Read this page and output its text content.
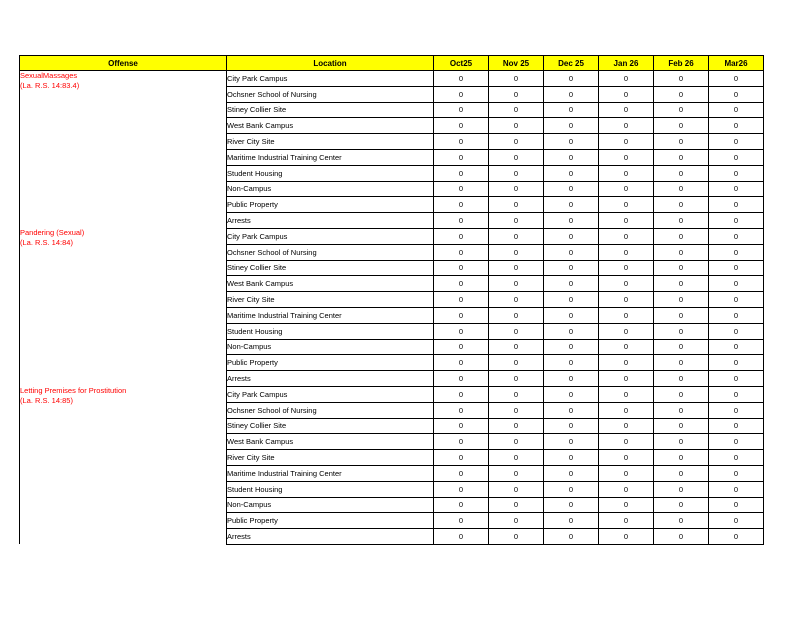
Offense	Location	Oct25	Nov 25	Dec 25	Jan 26	Feb 26	Mar26

SexualMassages
(La. R.S. 14:83.4)	City Park Campus	0	0	0	0	0	0
	Ochsner School of Nursing	0	0	0	0	0	0
	Stiney Collier Site	0	0	0	0	0	0
	West Bank Campus	0	0	0	0	0	0
	River City Site	0	0	0	0	0	0
	Maritime Industrial Training Center	0	0	0	0	0	0
	Student Housing	0	0	0	0	0	0
	Non-Campus	0	0	0	0	0	0
	Public Property	0	0	0	0	0	0
	Arrests	0	0	0	0	0	0

Pandering (Sexual)
(La. R.S. 14:84)	City Park Campus	0	0	0	0	0	0
	Ochsner School of Nursing	0	0	0	0	0	0
	Stiney Collier Site	0	0	0	0	0	0
	West Bank Campus	0	0	0	0	0	0
	River City Site	0	0	0	0	0	0
	Maritime Industrial Training Center	0	0	0	0	0	0
	Student Housing	0	0	0	0	0	0
	Non-Campus	0	0	0	0	0	0
	Public Property	0	0	0	0	0	0
	Arrests	0	0	0	0	0	0

Letting Premises for Prostitution
(La. R.S. 14:85)	City Park Campus	0	0	0	0	0	0
	Ochsner School of Nursing	0	0	0	0	0	0
	Stiney Collier Site	0	0	0	0	0	0
	West Bank Campus	0	0	0	0	0	0
	River City Site	0	0	0	0	0	0
	Maritime Industrial Training Center	0	0	0	0	0	0
	Student Housing	0	0	0	0	0	0
	Non-Campus	0	0	0	0	0	0
	Public Property	0	0	0	0	0	0
	Arrests	0	0	0	0	0	0
